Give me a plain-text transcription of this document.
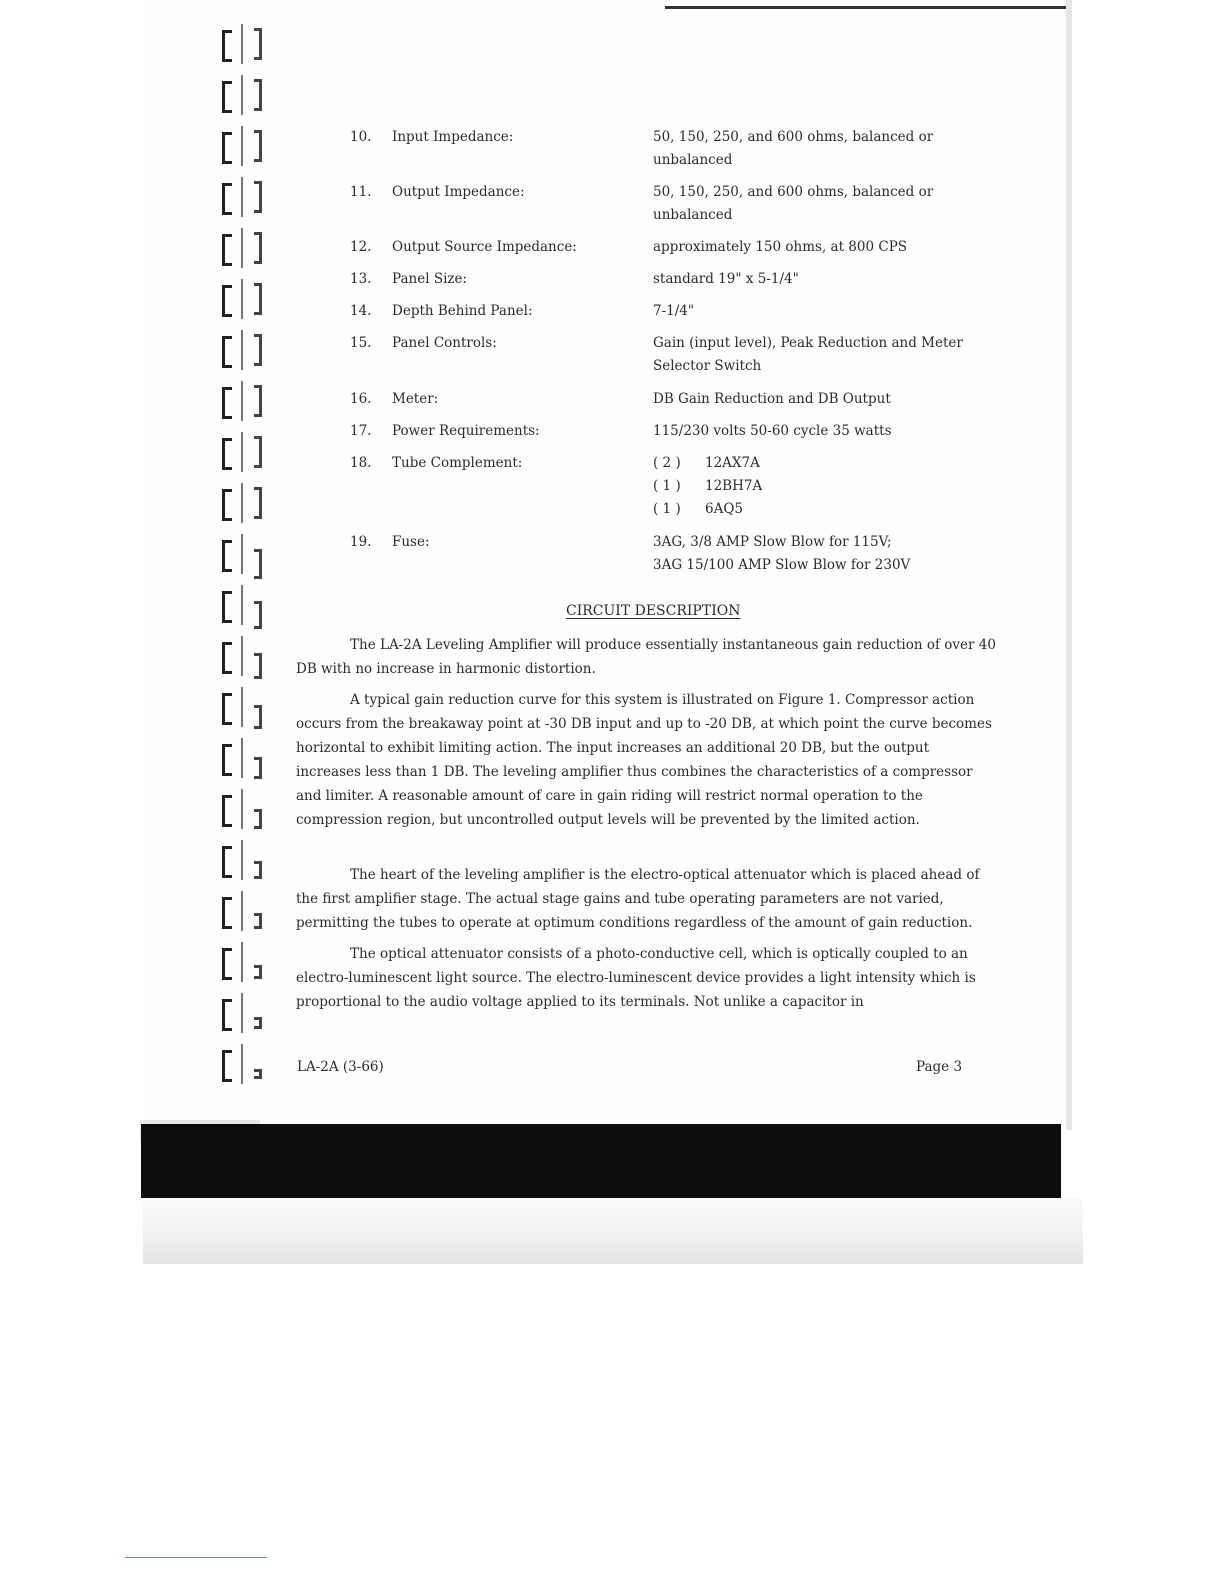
10.	Input Impedance:	50, 150, 250, and 600 ohms, balanced or unbalanced
11.	Output Impedance:	50, 150, 250, and 600 ohms, balanced or unbalanced
12.	Output Source Impedance:	approximately 150 ohms, at 800 CPS
13.	Panel Size:	standard 19" x 5-1/4"
14.	Depth Behind Panel:	7-1/4"
15.	Panel Controls:	Gain (input level), Peak Reduction and Meter Selector Switch
16.	Meter:	DB Gain Reduction and DB Output
17.	Power Requirements:	115/230 volts 50-60 cycle 35 watts
18.	Tube Complement:	( 2 ) 12AX7A
( 1 ) 12BH7A
( 1 ) 6AQ5
19.	Fuse:	3AG, 3/8 AMP Slow Blow for 115V;
3AG 15/100 AMP Slow Blow for 230V
CIRCUIT DESCRIPTION

The LA-2A Leveling Amplifier will produce essentially instantaneous gain reduction of over 40 DB with no increase in harmonic distortion.

A typical gain reduction curve for this system is illustrated on Figure 1. Compressor action occurs from the breakaway point at -30 DB input and up to -20 DB, at which point the curve becomes horizontal to exhibit limiting action. The input increases an additional 20 DB, but the output increases less than 1 DB. The leveling amplifier thus combines the characteristics of a compressor and limiter. A reasonable amount of care in gain riding will restrict normal operation to the compression region, but uncontrolled output levels will be prevented by the limited action.

The heart of the leveling amplifier is the electro-optical attenuator which is placed ahead of the first amplifier stage. The actual stage gains and tube operating parameters are not varied, permitting the tubes to operate at optimum conditions regardless of the amount of gain reduction.

The optical attenuator consists of a photo-conductive cell, which is optically coupled to an electro-luminescent light source. The electro-luminescent device provides a light intensity which is proportional to the audio voltage applied to its terminals. Not unlike a capacitor in

LA-2A (3-66)	Page 3
